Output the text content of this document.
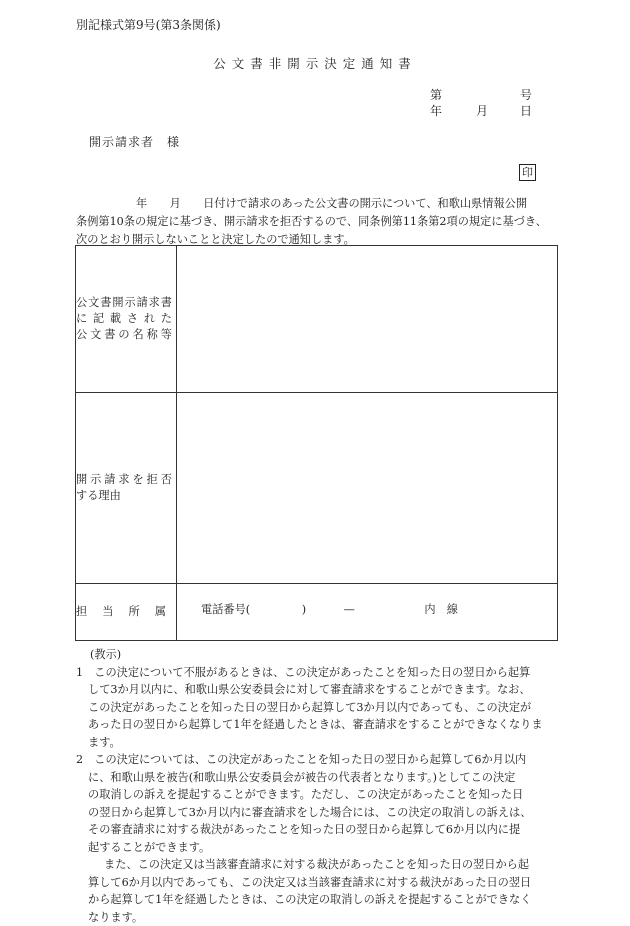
別記様式第9号(第3条関係)
公文書非開示決定通知書
第	号
年	月	日
開示請求者　様
印
年　　月　　日付けで請求のあった公文書の開示について、和歌山県情報公開
条例第10条の規定に基づき、開示請求を拒否するので、同条例第11条第2項の規定に基づき、
次のとおり開示しないことと決定したので通知します。
公文書開示請求書
に記載された
公文書の名称等	

開示請求を拒否
する理由	

担当所属	電話番号( ) — 内　線
(教示)
1　この決定について不服があるときは、この決定があったことを知った日の翌日から起算
して3か月以内に、和歌山県公安委員会に対して審査請求をすることができます。なお、
この決定があったことを知った日の翌日から起算して3か月以内であっても、この決定が
あった日の翌日から起算して1年を経過したときは、審査請求をすることができなくなりま
ます。
2　この決定については、この決定があったことを知った日の翌日から起算して6か月以内
に、和歌山県を被告(和歌山県公安委員会が被告の代表者となります。)としてこの決定
の取消しの訴えを提起することができます。ただし、この決定があったことを知った日
の翌日から起算して3か月以内に審査請求をした場合には、この決定の取消しの訴えは、
その審査請求に対する裁決があったことを知った日の翌日から起算して6か月以内に提
起することができます。
また、この決定又は当該審査請求に対する裁決があったことを知った日の翌日から起
算して6か月以内であっても、この決定又は当該審査請求に対する裁決があった日の翌日
から起算して1年を経過したときは、この決定の取消しの訴えを提起することができなく
なります。
